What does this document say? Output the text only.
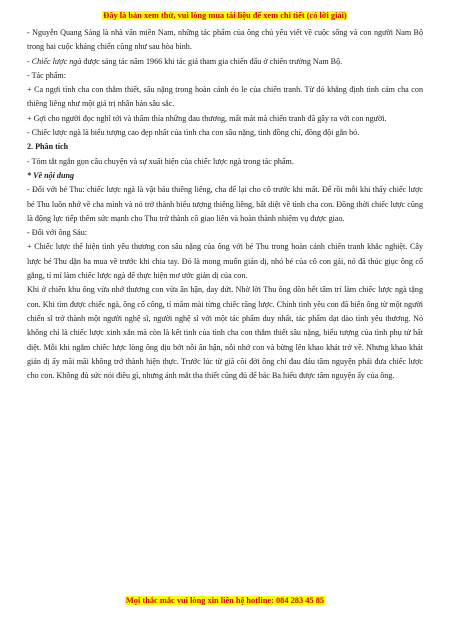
Đây là bản xem thử, vui lòng mua tài liệu để xem chi tiết (có lời giải)

- Nguyễn Quang Sáng là nhà văn miền Nam, những tác phẩm của ông chủ yếu viết về cuộc sống và con người Nam Bộ trong hai cuộc kháng chiến cũng như sau hòa bình.

- Chiếc lược ngà được sáng tác năm 1966 khi tác giả tham gia chiến đấu ở chiến trường Nam Bộ.

- Tác phẩm:

+ Ca ngợi tình cha con thắm thiết, sâu nặng trong hoàn cảnh éo le của chiến tranh. Từ đó khẳng định tình cảm cha con thiêng liêng như một giá trị nhân bản sâu sắc.

+ Gợi cho người đọc nghĩ tới và thấm thía những đau thương, mất mát mà chiến tranh đã gây ra với con người.

- Chiếc lược ngà là biểu tượng cao đẹp nhất của tình cha con sâu nặng, tình đồng chí, đồng đội gắn bó.

2. Phân tích

- Tóm tắt ngắn gọn câu chuyện và sự xuất hiện của chiếc lược ngà trong tác phẩm.

* Về nội dung

- Đối với bé Thu: chiếc lược ngà là vật báu thiêng liêng, cha để lại cho cô trước khi mất. Để rồi mỗi khi thấy chiếc lược bé Thu luôn nhớ về cha mình và nó trở thành biểu tượng thiêng liêng, bất diệt về tình cha con. Đồng thời chiếc lược cũng là động lực tiếp thêm sức mạnh cho Thu trở thành cô giao liên và hoàn thành nhiệm vụ được giao.

- Đối với ông Sáu:

+ Chiếc lược thể hiện tình yêu thương con sâu nặng của ông với bé Thu trong hoàn cảnh chiến tranh khắc nghiệt. Cây lược bé Thu dặn ba mua về trước khi chia tay. Đó là mong muốn giản dị, nhỏ bé của cô con gái, nó đã thúc giục ông cố gắng, tỉ mỉ làm chiếc lược ngà để thực hiện mơ ước giản dị của con.

Khi ở chiến khu ông vừa nhớ thương con vừa ân hận, day dứt. Nhờ lời Thu ông dồn hết tâm trí làm chiếc lược ngà tặng con. Khi tìm được chiếc ngà, ông cố công, tỉ mẩm mài từng chiếc răng lược. Chính tình yêu con đã biến ông từ một người chiến sĩ trở thành một người nghệ sĩ, người nghệ sĩ với một tác phẩm duy nhất, tác phẩm dạt dào tình yêu thương. Nó không chỉ là chiếc lược xinh xắn mà còn là kết tinh của tình cha con thắm thiết sâu nặng, biểu tượng của tình phụ tử bất diệt. Mỗi khi ngắm chiếc lược lòng ông dịu bớt nỗi ân hận, nỗi nhớ con và bừng lên khao khát trở về. Nhưng khao khát giản dị ấy mãi mãi không trở thành hiện thực. Trước lúc từ giã cõi đời ông chỉ đau đáu tâm nguyện phải đưa chiếc lược cho con. Không đủ sức nói điều gì, nhưng ánh mắt tha thiết cũng đủ để bác Ba hiểu được tâm nguyện ấy của ông.

Mọi thắc mắc vui lòng xin liên hệ hotline: 084 283 45 85
